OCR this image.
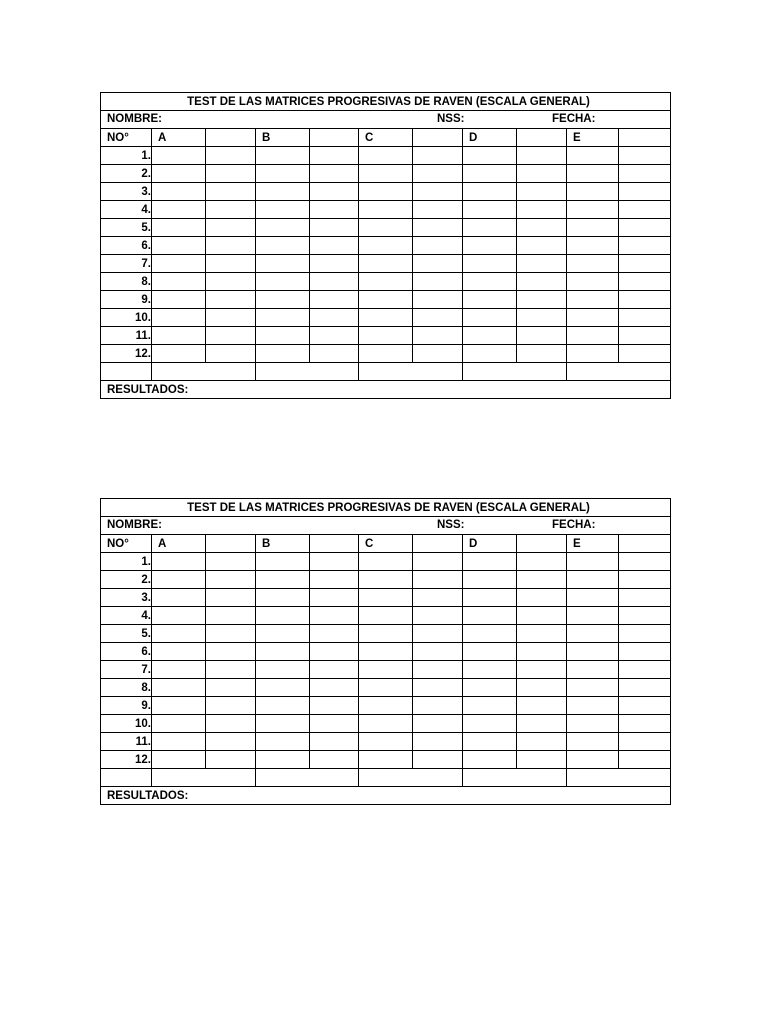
TEST DE LAS MATRICES PROGRESIVAS DE RAVEN (ESCALA GENERAL)										

NOMBRE: NSS: FECHA:										

NO°	A		B		C		D		E	
1.										
2.										
3.										
4.										
5.										
6.										
7.										
8.										
9.										
10.										
11.										
12.										

RESULTADOS:										
TEST DE LAS MATRICES PROGRESIVAS DE RAVEN (ESCALA GENERAL)										

NOMBRE: NSS: FECHA:										

NO°	A		B		C		D		E	
1.										
2.										
3.										
4.										
5.										
6.										
7.										
8.										
9.										
10.										
11.										
12.										

RESULTADOS:										
